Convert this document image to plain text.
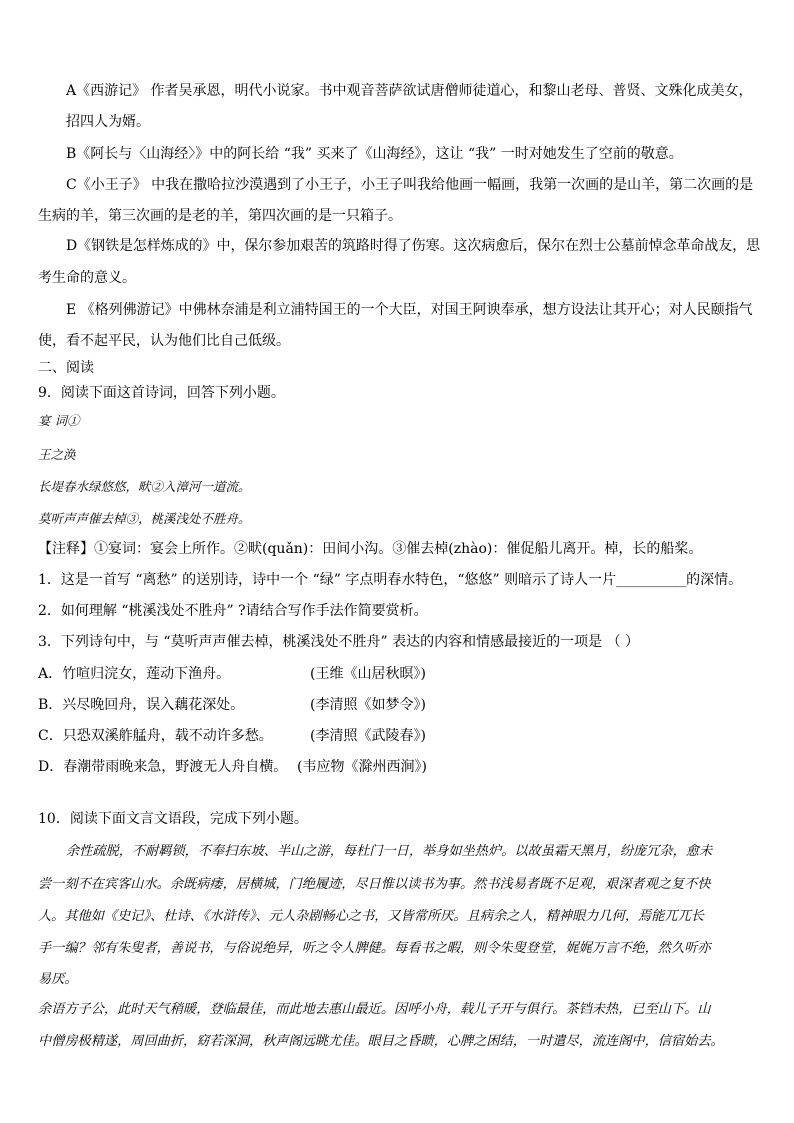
A《西游记》 作者吴承恩，明代小说家。书中观音菩萨欲试唐僧师徒道心，和黎山老母、普贤、文殊化成美女，
招四人为婿。
B《阿长与〈山海经〉》中的阿长给 “我” 买来了《山海经》，这让 “我” 一时对她发生了空前的敬意。
C《小王子》 中我在撒哈拉沙漠遇到了小王子，小王子叫我给他画一幅画，我第一次画的是山羊，第二次画的是
生病的羊，第三次画的是老的羊，第四次画的是一只箱子。
D《钢铁是怎样炼成的》中，保尔参加艰苦的筑路时得了伤寒。这次病愈后，保尔在烈士公墓前悼念革命战友，思
考生命的意义。
E 《格列佛游记》中佛林奈浦是利立浦特国王的一个大臣，对国王阿谀奉承，想方设法让其开心；对人民颐指气
使，看不起平民，认为他们比自己低级。
二、阅读
9．阅读下面这首诗词，回答下列小题。
宴 词①
王之涣
长堤春水绿悠悠，畎②入漳河一道流。
莫听声声催去棹③，桃溪浅处不胜舟。
【注释】①宴词：宴会上所作。②畎(quǎn)：田间小沟。③催去棹(zhào)：催促船儿离开。棹，长的船桨。
1．这是一首写 “离愁” 的送别诗，诗中一个 “绿” 字点明春水特色，“悠悠” 则暗示了诗人一片__________的深情。
2．如何理解 “桃溪浅处不胜舟” ?请结合写作手法作简要赏析。
3．下列诗句中，与 “莫听声声催去棹，桃溪浅处不胜舟” 表达的内容和情感最接近的一项是 （ ）
A．竹喧归浣女，莲动下渔舟。	(王维《山居秋暝》)
B．兴尽晚回舟，误入藕花深处。	(李清照《如梦令》)
C．只恐双溪舴艋舟，载不动许多愁。	(李清照《武陵春》)
D．春潮带雨晚来急，野渡无人舟自横。 (韦应物《滁州西涧》)
10．阅读下面文言文语段，完成下列小题。
余性疏脱，不耐羁锁，不奉扫东坡、半山之游，每杜门一日，举身如坐热炉。以故虽霜天黑月，纷庞冗杂，愈未
尝一刻不在宾客山水。余既病痿，居横城，门绝履迹，尽日惟以读书为事。然书浅易者既不足观，艰深者观之复不快
人。其他如《史记》、杜诗、《水浒传》、元人杂剧畅心之书，又皆常所厌。且病余之人，精神眼力几何，焉能兀兀长
手一编？邻有朱叟者，善说书，与俗说绝异，听之令人脾健。每看书之暇，则令朱叟登堂，娓娓万言不绝，然久听亦
易厌。
余语方子公，此时天气稍暖，登临最佳，而此地去惠山最近。因呼小舟，载儿子开与俱行。茶铛未热，已至山下。山
中僧房极精遂，周回曲折，窈若深洞，秋声阁远眺尤佳。眼目之昏瞆，心脾之困结，一时遣尽，流连阁中，信宿始去。
